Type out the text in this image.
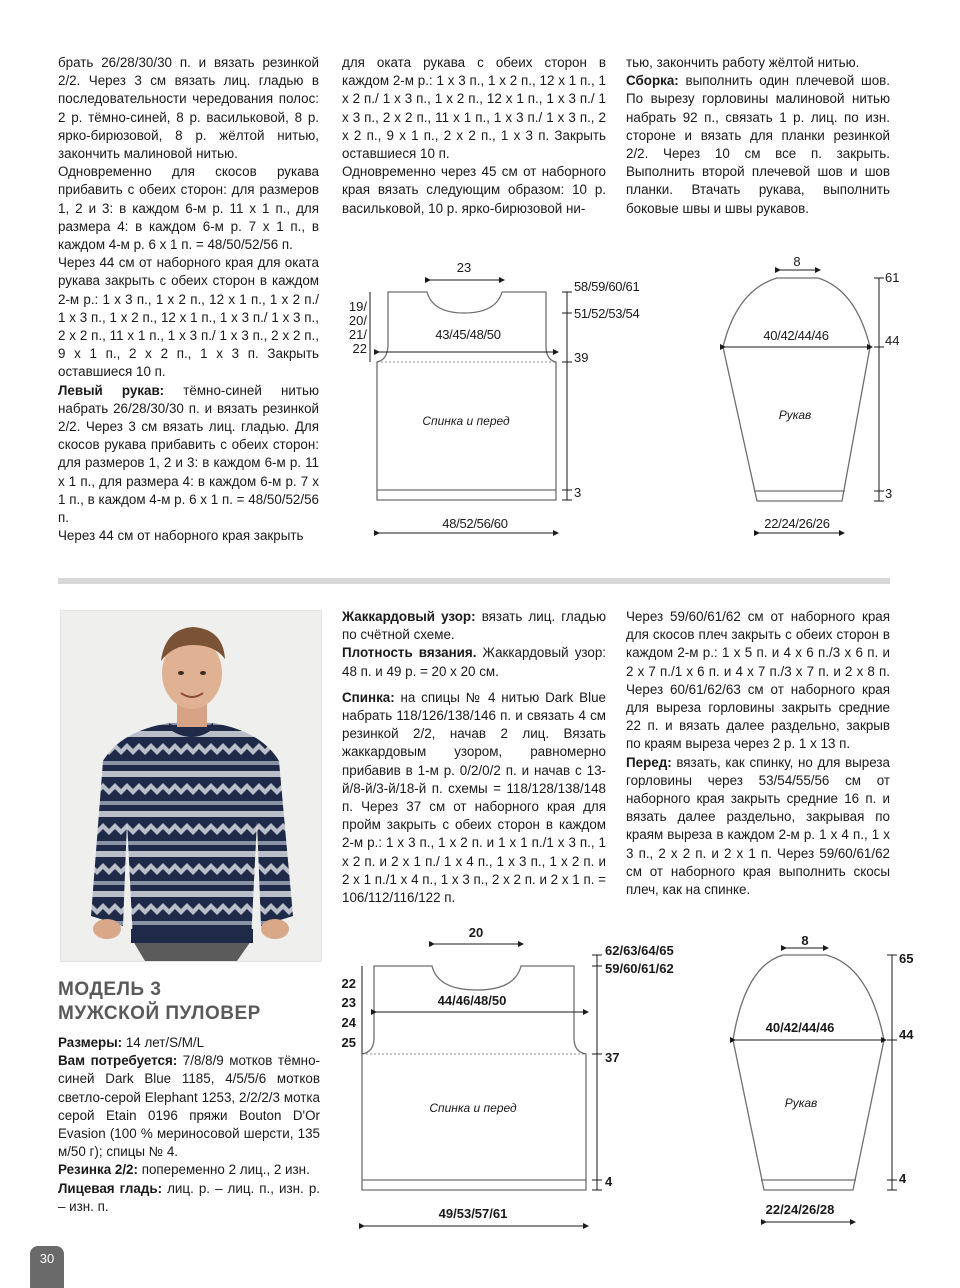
брать 26/28/30/30 п. и вязать резинкой 2/2. Через 3 см вязать лиц. гладью в последовательности чередования полос: 2 р. тёмно-синей, 8 р. васильковой, 8 р. ярко-бирюзовой, 8 р. жёлтой нитью, закончить малиновой нитью.

Одновременно для скосов рукава прибавить с обеих сторон: для размеров 1, 2 и 3: в каждом 6-м р. 11 х 1 п., для размера 4: в каждом 6-м р. 7 х 1 п., в каждом 4-м р. 6 х 1 п. = 48/50/52/56 п.

Через 44 см от наборного края для оката рукава закрыть с обеих сторон в каждом 2-м р.: 1 х 3 п., 1 х 2 п., 12 х 1 п., 1 х 2 п./ 1 х 3 п., 1 х 2 п., 12 х 1 п., 1 х 3 п./ 1 х 3 п., 2 х 2 п., 11 х 1 п., 1 х 3 п./ 1 х 3 п., 2 х 2 п., 9 х 1 п., 2 х 2 п., 1 х 3 п. Закрыть оставшиеся 10 п.

Левый рукав: тёмно-синей нитью набрать 26/28/30/30 п. и вязать резинкой 2/2. Через 3 см вязать лиц. гладью. Для скосов рукава прибавить с обеих сторон: для размеров 1, 2 и 3: в каждом 6-м р. 11 х 1 п., для размера 4: в каждом 6-м р. 7 х 1 п., в каждом 4-м р. 6 х 1 п. = 48/50/52/56 п.

Через 44 см от наборного края закрыть

для оката рукава с обеих сторон в каждом 2-м р.: 1 х 3 п., 1 х 2 п., 12 х 1 п., 1 х 2 п./ 1 х 3 п., 1 х 2 п., 12 х 1 п., 1 х 3 п./ 1 х 3 п., 2 х 2 п., 11 х 1 п., 1 х 3 п./ 1 х 3 п., 2 х 2 п., 9 х 1 п., 2 х 2 п., 1 х 3 п. Закрыть оставшиеся 10 п.

Одновременно через 45 см от наборного края вязать следующим образом: 10 р. васильковой, 10 р. ярко-бирюзовой ни-

тью, закончить работу жёлтой нитью.

Сборка: выполнить один плечевой шов. По вырезу горловины малиновой нитью набрать 92 п., связать 1 р. лиц. по изн. стороне и вязать для планки резинкой 2/2. Через 10 см все п. закрыть. Выполнить второй плечевой шов и шов планки. Втачать рукава, выполнить боковые швы и швы рукавов.

23
43/45/48/50
48/52/56/60
19/
20/
21/
22
58/59/60/61
51/52/53/54
39
3
Спинка и перед
8
40/42/44/46
22/24/26/26
61
44
3
Рукав
20
44/46/48/50
49/53/57/61
22
23
24
25
62/63/64/65
59/60/61/62
37
4
Спинка и перед
8
40/42/44/46
22/24/26/28
65
44
4
Рукав
МОДЕЛЬ 3
МУЖСКОЙ ПУЛОВЕР

Размеры: 14 лет/S/M/L

Вам потребуется: 7/8/8/9 мотков тёмно-синей Dark Blue 1185, 4/5/5/6 мотков светло-серой Elephant 1253, 2/2/2/3 мотка серой Etain 0196 пряжи Bouton D'Or Evasion (100 % мериносовой шерсти, 135 м/50 г); спицы № 4.

Резинка 2/2: попеременно 2 лиц., 2 изн.

Лицевая гладь: лиц. р. – лиц. п., изн. р. – изн. п.

Жаккардовый узор: вязать лиц. гладью по счётной схеме.

Плотность вязания. Жаккардовый узор: 48 п. и 49 р. = 20 х 20 см.

Спинка: на спицы № 4 нитью Dark Blue набрать 118/126/138/146 п. и связать 4 см резинкой 2/2, начав 2 лиц. Вязать жаккардовым узором, равномерно прибавив в 1-м р. 0/2/0/2 п. и начав с 13-й/8-й/3-й/18-й п. схемы = 118/128/138/148 п. Через 37 см от наборного края для пройм закрыть с обеих сторон в каждом 2-м р.: 1 х 3 п., 1 х 2 п. и 1 х 1 п./1 х 3 п., 1 х 2 п. и 2 х 1 п./ 1 х 4 п., 1 х 3 п., 1 х 2 п. и 2 х 1 п./1 х 4 п., 1 х 3 п., 2 х 2 п. и 2 х 1 п. = 106/112/116/122 п.

Через 59/60/61/62 см от наборного края для скосов плеч закрыть с обеих сторон в каждом 2-м р.: 1 х 5 п. и 4 х 6 п./3 х 6 п. и 2 х 7 п./1 х 6 п. и 4 х 7 п./3 х 7 п. и 2 х 8 п. Через 60/61/62/63 см от наборного края для выреза горловины закрыть средние 22 п. и вязать далее раздельно, закрыв по краям выреза через 2 р. 1 х 13 п.

Перед: вязать, как спинку, но для выреза горловины через 53/54/55/56 см от наборного края закрыть средние 16 п. и вязать далее раздельно, закрывая по краям выреза в каждом 2-м р. 1 х 4 п., 1 х 3 п., 2 х 2 п. и 2 х 1 п. Через 59/60/61/62 см от наборного края выполнить скосы плеч, как на спинке.

30
